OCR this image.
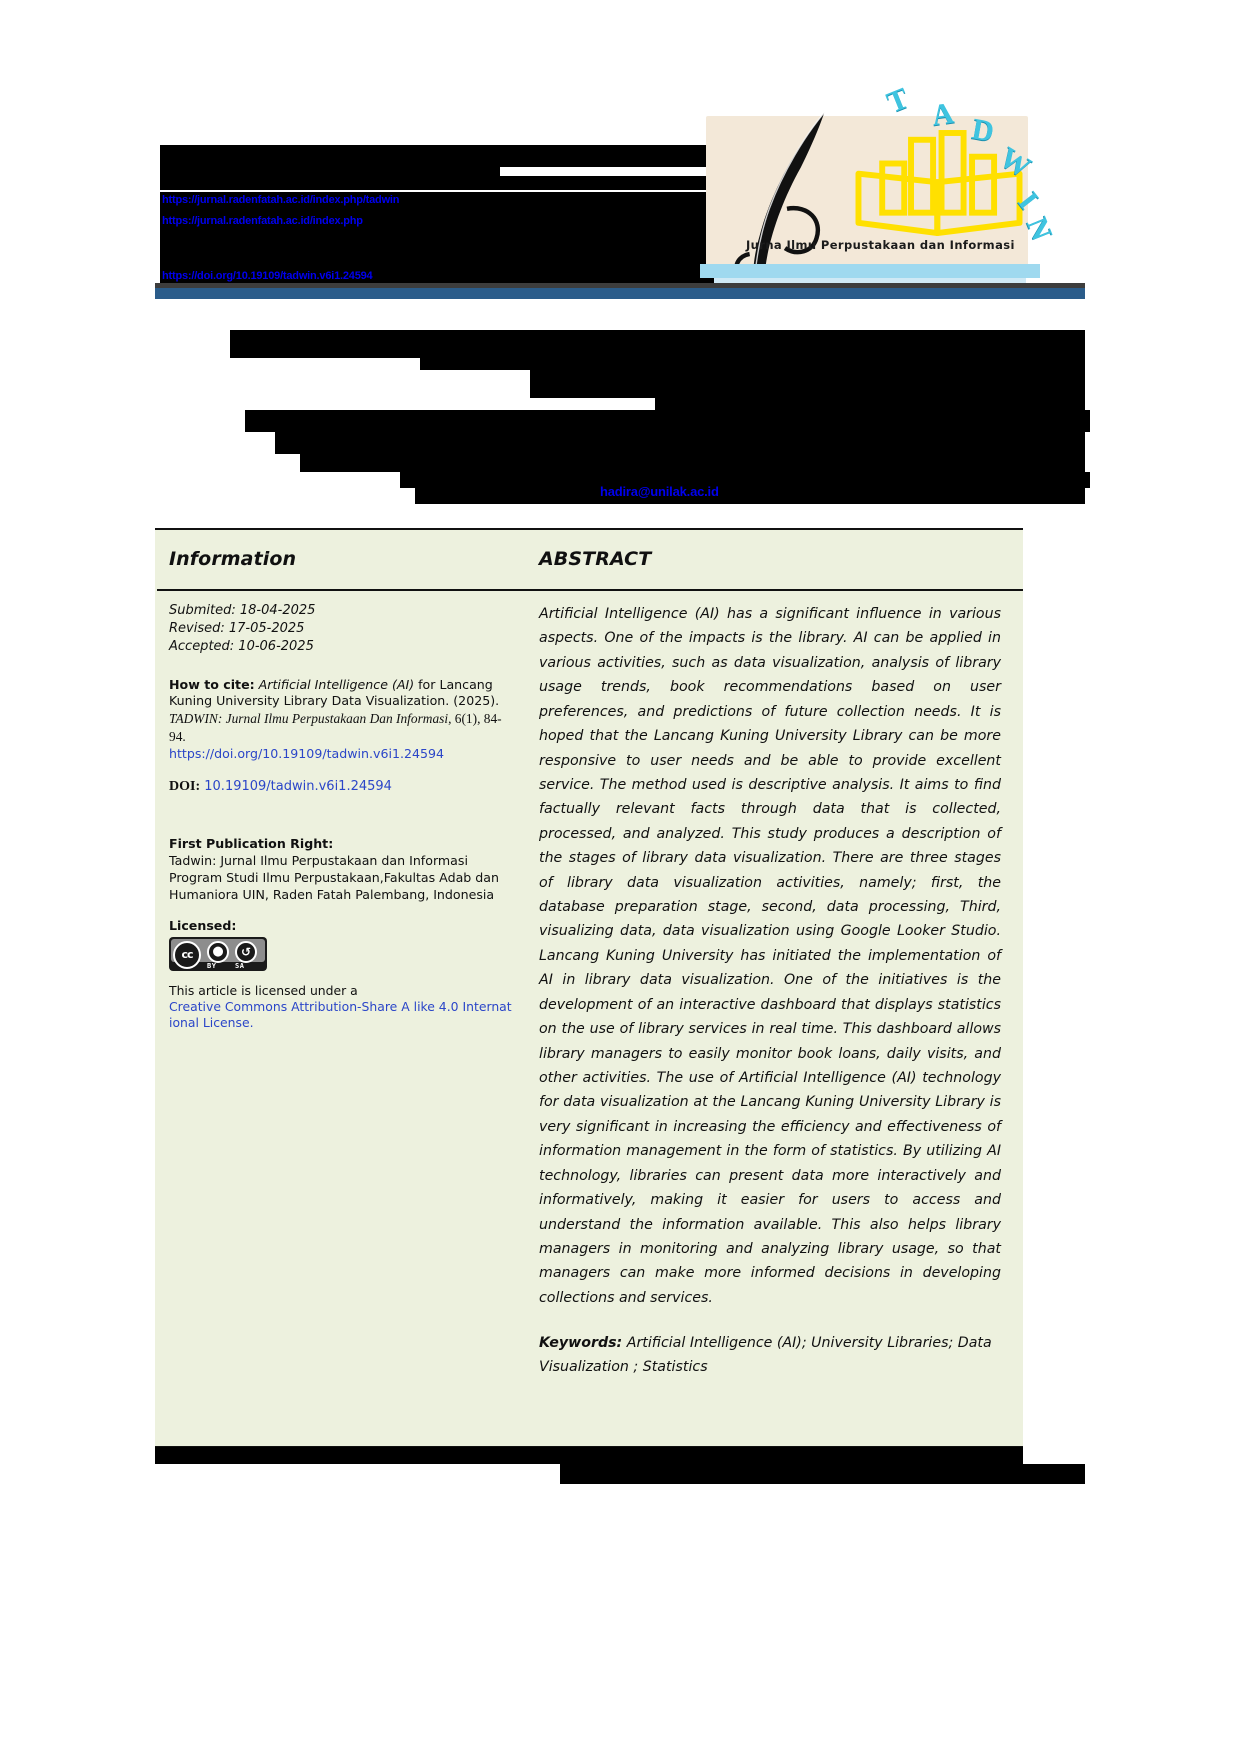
https://jurnal.radenfatah.ac.id/index.php/tadwin
https://jurnal.radenfatah.ac.id/index.php
https://doi.org/10.19109/tadwin.v6i1.24594
T A D
W
I
N
Jurna Ilmu Perpustakaan dan Informasi
hadira@unilak.ac.id
Information
Submited: 18-04-2025
Revised: 17-05-2025
Accepted: 10-06-2025
How to cite: Artificial Intelligence (AI) for Lancang Kuning University Library Data Visualization. (2025). TADWIN: Jurnal Ilmu Perpustakaan Dan Informasi, 6(1), 84-94.
https://doi.org/10.19109/tadwin.v6i1.24594
DOI: 10.19109/tadwin.v6i1.24594
First Publication Right:
Tadwin: Jurnal Ilmu Perpustakaan dan Informasi
Program Studi Ilmu Perpustakaan,Fakultas Adab dan
Humaniora UIN, Raden Fatah Palembang, Indonesia
Licensed:
cc	●	↺
BY	SA
This article is licensed under a
Creative Commons Attribution-Share A like 4.0 International License.
ABSTRACT
Artificial Intelligence (AI) has a significant influence in various aspects. One of the impacts is the library. AI can be applied in various activities, such as data visualization, analysis of library usage trends, book recommendations based on user preferences, and predictions of future collection needs. It is hoped that the Lancang Kuning University Library can be more responsive to user needs and be able to provide excellent service. The method used is descriptive analysis. It aims to find factually relevant facts through data that is collected, processed, and analyzed. This study produces a description of the stages of library data visualization. There are three stages of library data visualization activities, namely; first, the database preparation stage, second, data processing, Third, visualizing data, data visualization using Google Looker Studio. Lancang Kuning University has initiated the implementation of AI in library data visualization. One of the initiatives is the development of an interactive dashboard that displays statistics on the use of library services in real time. This dashboard allows library managers to easily monitor book loans, daily visits, and other activities. The use of Artificial Intelligence (AI) technology for data visualization at the Lancang Kuning University Library is very significant in increasing the efficiency and effectiveness of information management in the form of statistics. By utilizing AI technology, libraries can present data more interactively and informatively, making it easier for users to access and understand the information available. This also helps library managers in monitoring and analyzing library usage, so that managers can make more informed decisions in developing collections and services.
Keywords: Artificial Intelligence (AI); University Libraries; Data Visualization ; Statistics
